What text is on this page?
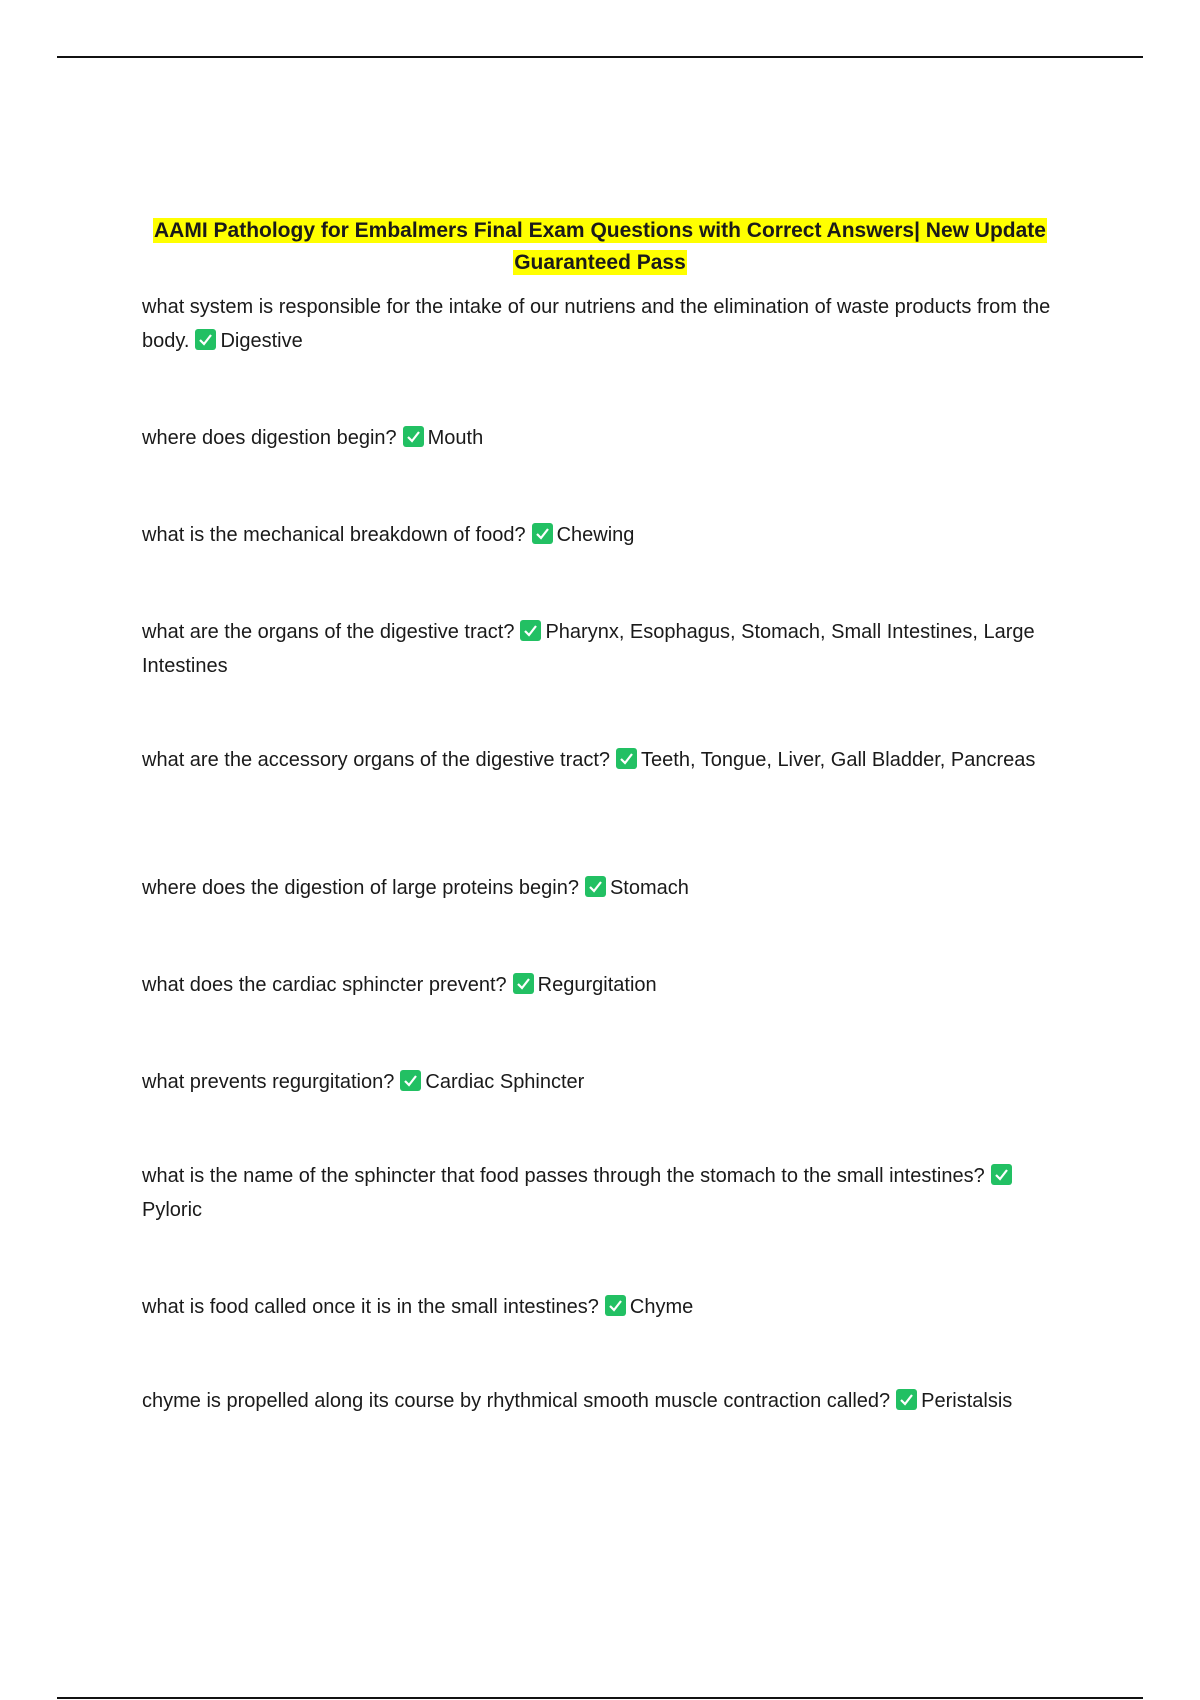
AAMI Pathology for Embalmers Final Exam Questions with Correct Answers| New Update
Guaranteed Pass
what system is responsible for the intake of our nutriens and the elimination of waste products from the body. Digestive
where does digestion begin? Mouth
what is the mechanical breakdown of food? Chewing
what are the organs of the digestive tract? Pharynx, Esophagus, Stomach, Small Intestines, Large Intestines
what are the accessory organs of the digestive tract? Teeth, Tongue, Liver, Gall Bladder, Pancreas
where does the digestion of large proteins begin? Stomach
what does the cardiac sphincter prevent? Regurgitation
what prevents regurgitation? Cardiac Sphincter
what is the name of the sphincter that food passes through the stomach to the small intestines?
Pyloric
what is food called once it is in the small intestines? Chyme
chyme is propelled along its course by rhythmical smooth muscle contraction called? Peristalsis
